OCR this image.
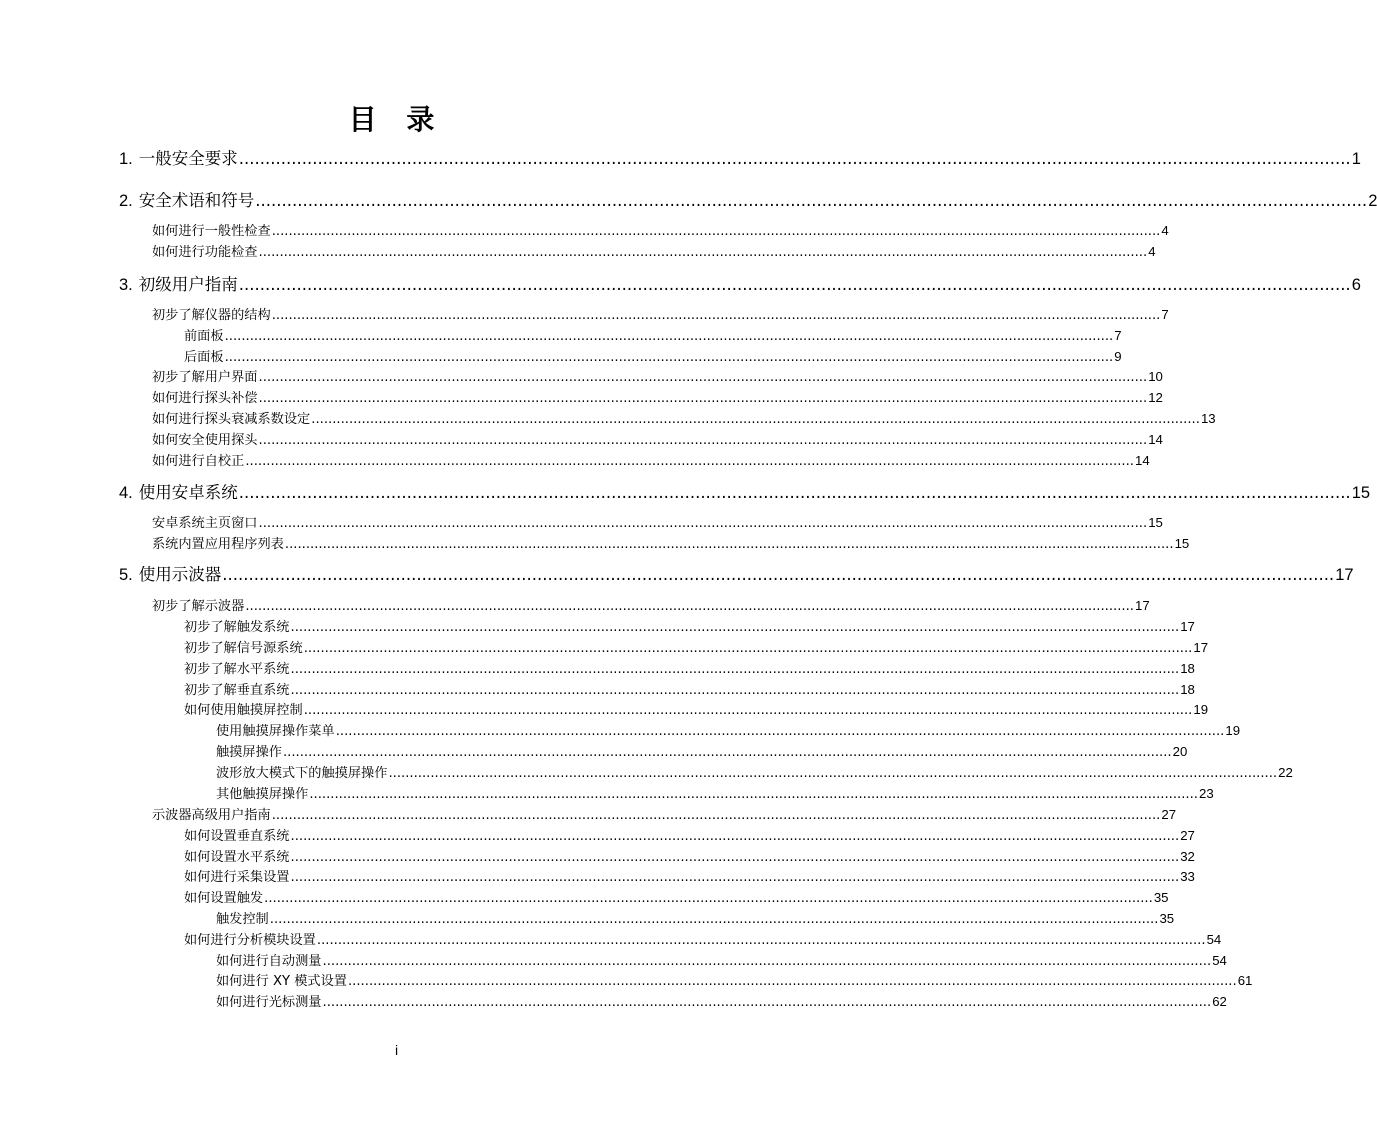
目 录
1. 一般安全要求 .................................................................................................................................................................................................................... 1
2. 安全术语和符号 .................................................................................................................................................................................................................... 2
如何进行一般性检查 .................................................................................................................................................................................................................... 4
如何进行功能检查 .................................................................................................................................................................................................................... 4
3. 初级用户指南 .................................................................................................................................................................................................................... 6
初步了解仪器的结构 .................................................................................................................................................................................................................... 7
前面板 .................................................................................................................................................................................................................... 7
后面板 .................................................................................................................................................................................................................... 9
初步了解用户界面 .................................................................................................................................................................................................................... 10
如何进行探头补偿 .................................................................................................................................................................................................................... 12
如何进行探头衰减系数设定 .................................................................................................................................................................................................................... 13
如何安全使用探头 .................................................................................................................................................................................................................... 14
如何进行自校正 .................................................................................................................................................................................................................... 14
4. 使用安卓系统 .................................................................................................................................................................................................................... 15
安卓系统主页窗口 .................................................................................................................................................................................................................... 15
系统内置应用程序列表 .................................................................................................................................................................................................................... 15
5. 使用示波器 .................................................................................................................................................................................................................... 17
初步了解示波器 .................................................................................................................................................................................................................... 17
初步了解触发系统 .................................................................................................................................................................................................................... 17
初步了解信号源系统 .................................................................................................................................................................................................................... 17
初步了解水平系统 .................................................................................................................................................................................................................... 18
初步了解垂直系统 .................................................................................................................................................................................................................... 18
如何使用触摸屏控制 .................................................................................................................................................................................................................... 19
使用触摸屏操作菜单 .................................................................................................................................................................................................................... 19
触摸屏操作 .................................................................................................................................................................................................................... 20
波形放大模式下的触摸屏操作 .................................................................................................................................................................................................................... 22
其他触摸屏操作 .................................................................................................................................................................................................................... 23
示波器高级用户指南 .................................................................................................................................................................................................................... 27
如何设置垂直系统 .................................................................................................................................................................................................................... 27
如何设置水平系统 .................................................................................................................................................................................................................... 32
如何进行采集设置 .................................................................................................................................................................................................................... 33
如何设置触发 .................................................................................................................................................................................................................... 35
触发控制 .................................................................................................................................................................................................................... 35
如何进行分析模块设置 .................................................................................................................................................................................................................... 54
如何进行自动测量 .................................................................................................................................................................................................................... 54
如何进行 XY 模式设置 .................................................................................................................................................................................................................... 61
如何进行光标测量 .................................................................................................................................................................................................................... 62
i
